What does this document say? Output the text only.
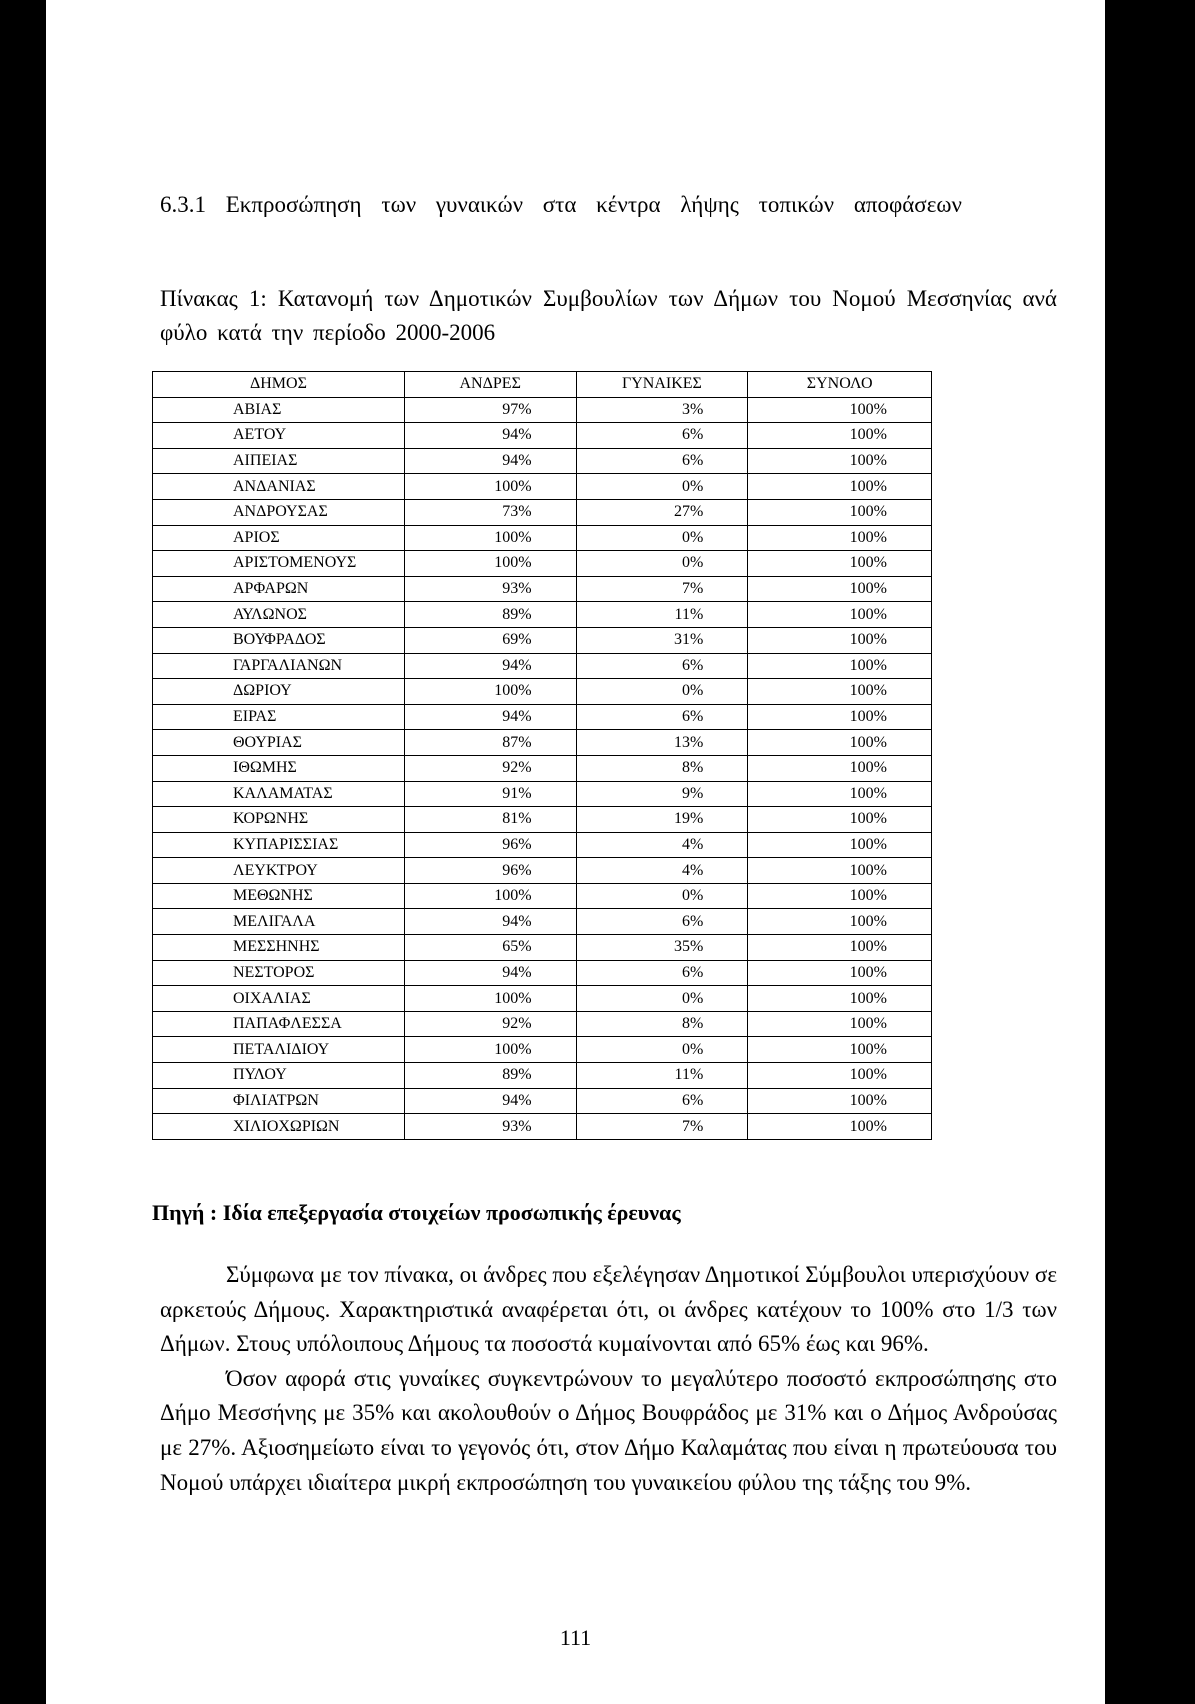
6.3.1 Εκπροσώπηση των γυναικών στα κέντρα λήψης τοπικών αποφάσεων
Πίνακας 1: Κατανομή των Δημοτικών Συμβουλίων των Δήμων του Νομού Μεσσηνίας ανά φύλο κατά την περίοδο 2000-2006
ΔΗΜΟΣ	ΑΝΔΡΕΣ	ΓΥΝΑΙΚΕΣ	ΣΥΝΟΛΟ
ΑΒΙΑΣ	97%	3%	100%
ΑΕΤΟΥ	94%	6%	100%
ΑΙΠΕΙΑΣ	94%	6%	100%
ΑΝΔΑΝΙΑΣ	100%	0%	100%
ΑΝΔΡΟΥΣΑΣ	73%	27%	100%
ΑΡΙΟΣ	100%	0%	100%
ΑΡΙΣΤΟΜΕΝΟΥΣ	100%	0%	100%
ΑΡΦΑΡΩΝ	93%	7%	100%
ΑΥΛΩΝΟΣ	89%	11%	100%
ΒΟΥΦΡΑΔΟΣ	69%	31%	100%
ΓΑΡΓΑΛΙΑΝΩΝ	94%	6%	100%
ΔΩΡΙΟΥ	100%	0%	100%
ΕΙΡΑΣ	94%	6%	100%
ΘΟΥΡΙΑΣ	87%	13%	100%
ΙΘΩΜΗΣ	92%	8%	100%
ΚΑΛΑΜΑΤΑΣ	91%	9%	100%
ΚΟΡΩΝΗΣ	81%	19%	100%
ΚΥΠΑΡΙΣΣΙΑΣ	96%	4%	100%
ΛΕΥΚΤΡΟΥ	96%	4%	100%
ΜΕΘΩΝΗΣ	100%	0%	100%
ΜΕΛΙΓΑΛΑ	94%	6%	100%
ΜΕΣΣΗΝΗΣ	65%	35%	100%
ΝΕΣΤΟΡΟΣ	94%	6%	100%
ΟΙΧΑΛΙΑΣ	100%	0%	100%
ΠΑΠΑΦΛΕΣΣΑ	92%	8%	100%
ΠΕΤΑΛΙΔΙΟΥ	100%	0%	100%
ΠΥΛΟΥ	89%	11%	100%
ΦΙΛΙΑΤΡΩΝ	94%	6%	100%
ΧΙΛΙΟΧΩΡΙΩΝ	93%	7%	100%
Πηγή : Ιδία επεξεργασία στοιχείων προσωπικής έρευνας

Σύμφωνα με τον πίνακα, οι άνδρες που εξελέγησαν Δημοτικοί Σύμβουλοι υπερισχύουν σε αρκετούς Δήμους. Χαρακτηριστικά αναφέρεται ότι, οι άνδρες κατέχουν το 100% στο 1/3 των Δήμων. Στους υπόλοιπους Δήμους τα ποσοστά κυμαίνονται από 65% έως και 96%.

Όσον αφορά στις γυναίκες συγκεντρώνουν το μεγαλύτερο ποσοστό εκπροσώπησης στο Δήμο Μεσσήνης με 35% και ακολουθούν ο Δήμος Βουφράδος με 31% και ο Δήμος Ανδρούσας με 27%. Αξιοσημείωτο είναι το γεγονός ότι, στον Δήμο Καλαμάτας που είναι η πρωτεύουσα του Νομού υπάρχει ιδιαίτερα μικρή εκπροσώπηση του γυναικείου φύλου της τάξης του 9%.

111
